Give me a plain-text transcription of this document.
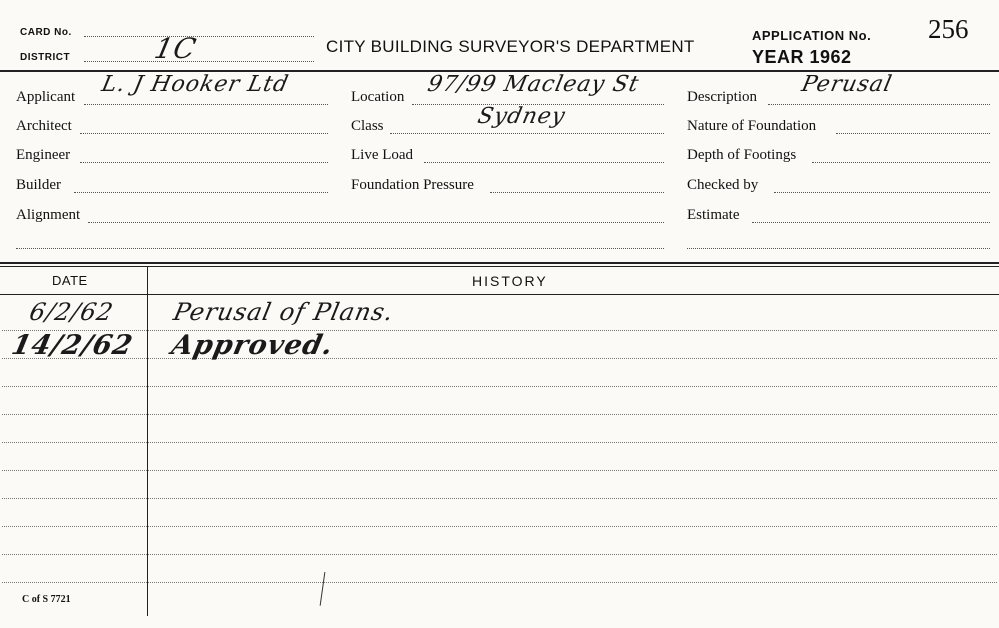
CARD No.
DISTRICT	1C	CITY BUILDING SURVEYOR'S DEPARTMENT
APPLICATION No. 256
YEAR 1962
Applicant L. J Hooker Ltd
Architect
Engineer
Builder
Alignment
Location 97/99 Macleay St
Class	Sydney
Live Load
Foundation Pressure
Description Perusal
Nature of Foundation
Depth of Footings
Checked by
Estimate
DATE	HISTORY
6/2/62 Perusal of Plans.
14/2/62 Approved.
C of S 7721
